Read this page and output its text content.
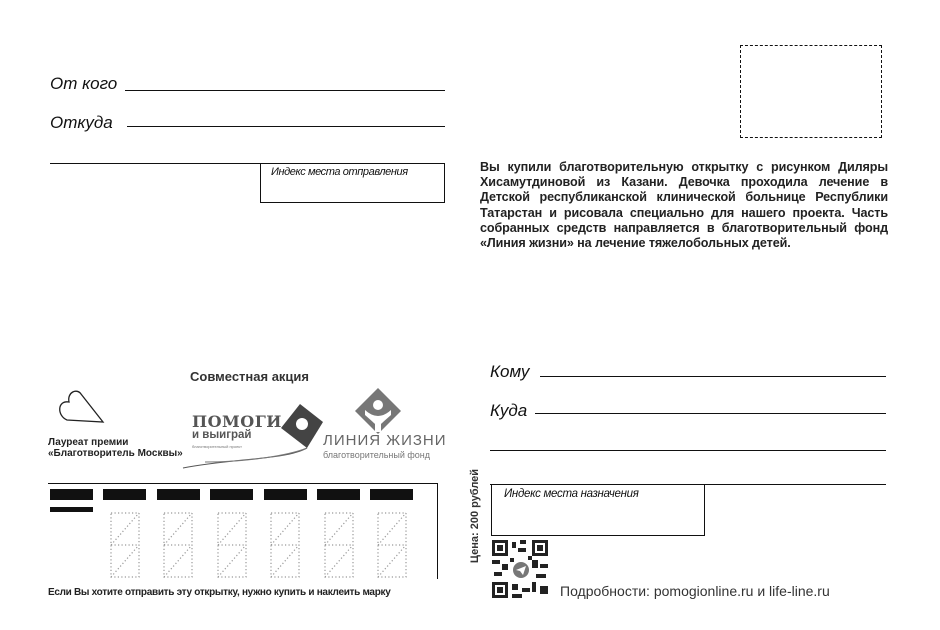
От кого
Откуда
Индекс места отправления	Вы купили благотворительную открытку с рисунком Диляры Хисамутдиновой из Казани. Девочка проходила лечение в Детской республиканской клинической больнице Республики Татарстан и рисовала специально для нашего проекта. Часть собранных средств направляется в благотворительный фонд «Линия жизни» на лечение тяжелобольных детей.
Совместная акция
Лауреат премии
«Благотворитель Москвы»
ПОМОГИ
и выиграй
благотворительный проект	ЛИНИЯ ЖИЗНИ
благотворительный фонд
Если Вы хотите отправить эту открытку, нужно купить и наклеить марку
Кому
Куда
Индекс места назначения
Цена: 200 рублей
Подробности: pomogionline.ru и life-line.ru
